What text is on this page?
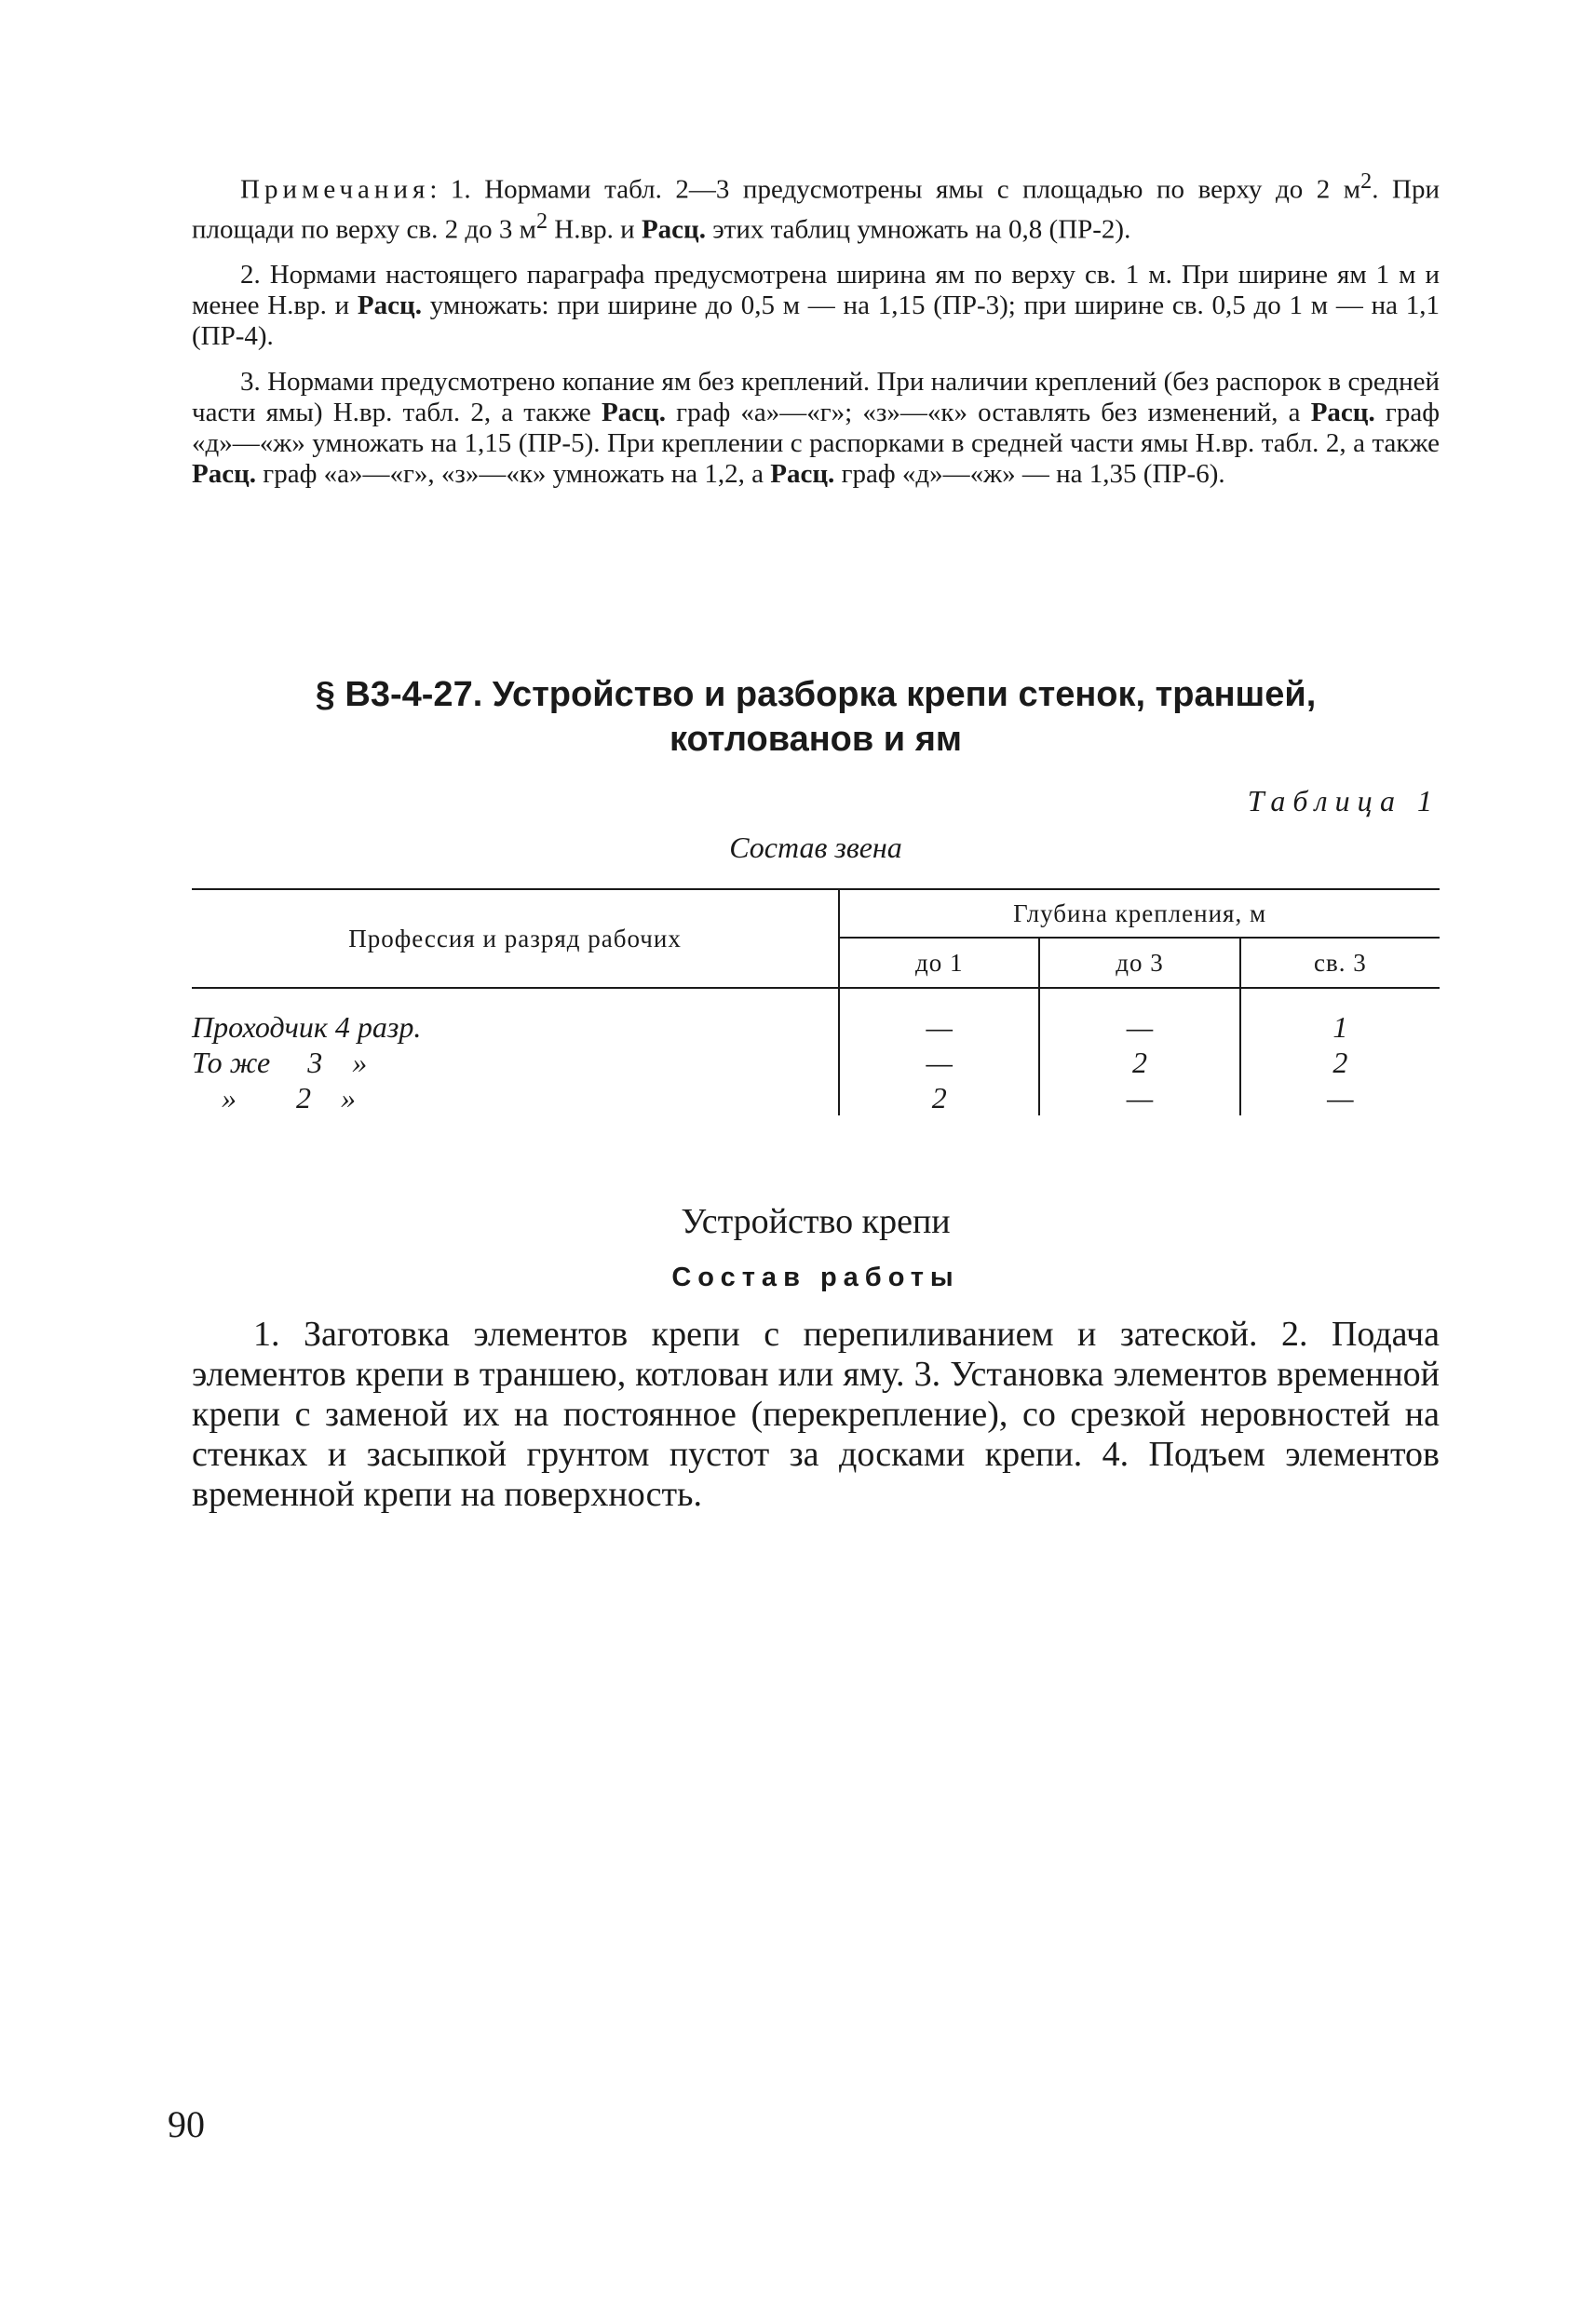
Примечания: 1. Нормами табл. 2—3 предусмотрены ямы с площадью по верху до 2 $м^2$. При площади по верху св. 2 до 3 $м^2$ Н.вр. и Расц. этих таблиц умножать на 0,8 (ПР-2).

2. Нормами настоящего параграфа предусмотрена ширина ям по верху св. 1 м. При ширине ям 1 м и менее Н.вр. и Расц. умножать: при ширине до 0,5 м — на 1,15 (ПР-3); при ширине св. 0,5 до 1 м — на 1,1 (ПР-4).

3. Нормами предусмотрено копание ям без креплений. При наличии креплений (без распорок в средней части ямы) Н.вр. табл. 2, а также Расц. граф «а»—«г»; «з»—«к» оставлять без изменений, а Расц. граф «д»—«ж» умножать на 1,15 (ПР-5). При креплении с распорками в средней части ямы Н.вр. табл. 2, а также Расц. граф «а»—«г», «з»—«к» умножать на 1,2, а Расц. граф «д»—«ж» — на 1,35 (ПР-6).

§ В3-4-27. Устройство и разборка крепи стенок, траншей,
котлованов и ям
Таблица 1
Состав звена
Профессия и разряд рабочих	Глубина крепления, м		
	до 1	до 3	св. 3
Проходчик 4 разр.	—	—	1
То же     3    »	—	2	2
»        2    »	2	—	—
Устройство крепи
Состав работы

1. Заготовка элементов крепи с перепиливанием и затеской. 2. Подача элементов крепи в траншею, котлован или яму. 3. Установка элементов временной крепи с заменой их на постоянное (перекрепление), со срезкой неровностей на стенках и засыпкой грунтом пустот за досками крепи. 4. Подъем элементов временной крепи на поверхность.

90
